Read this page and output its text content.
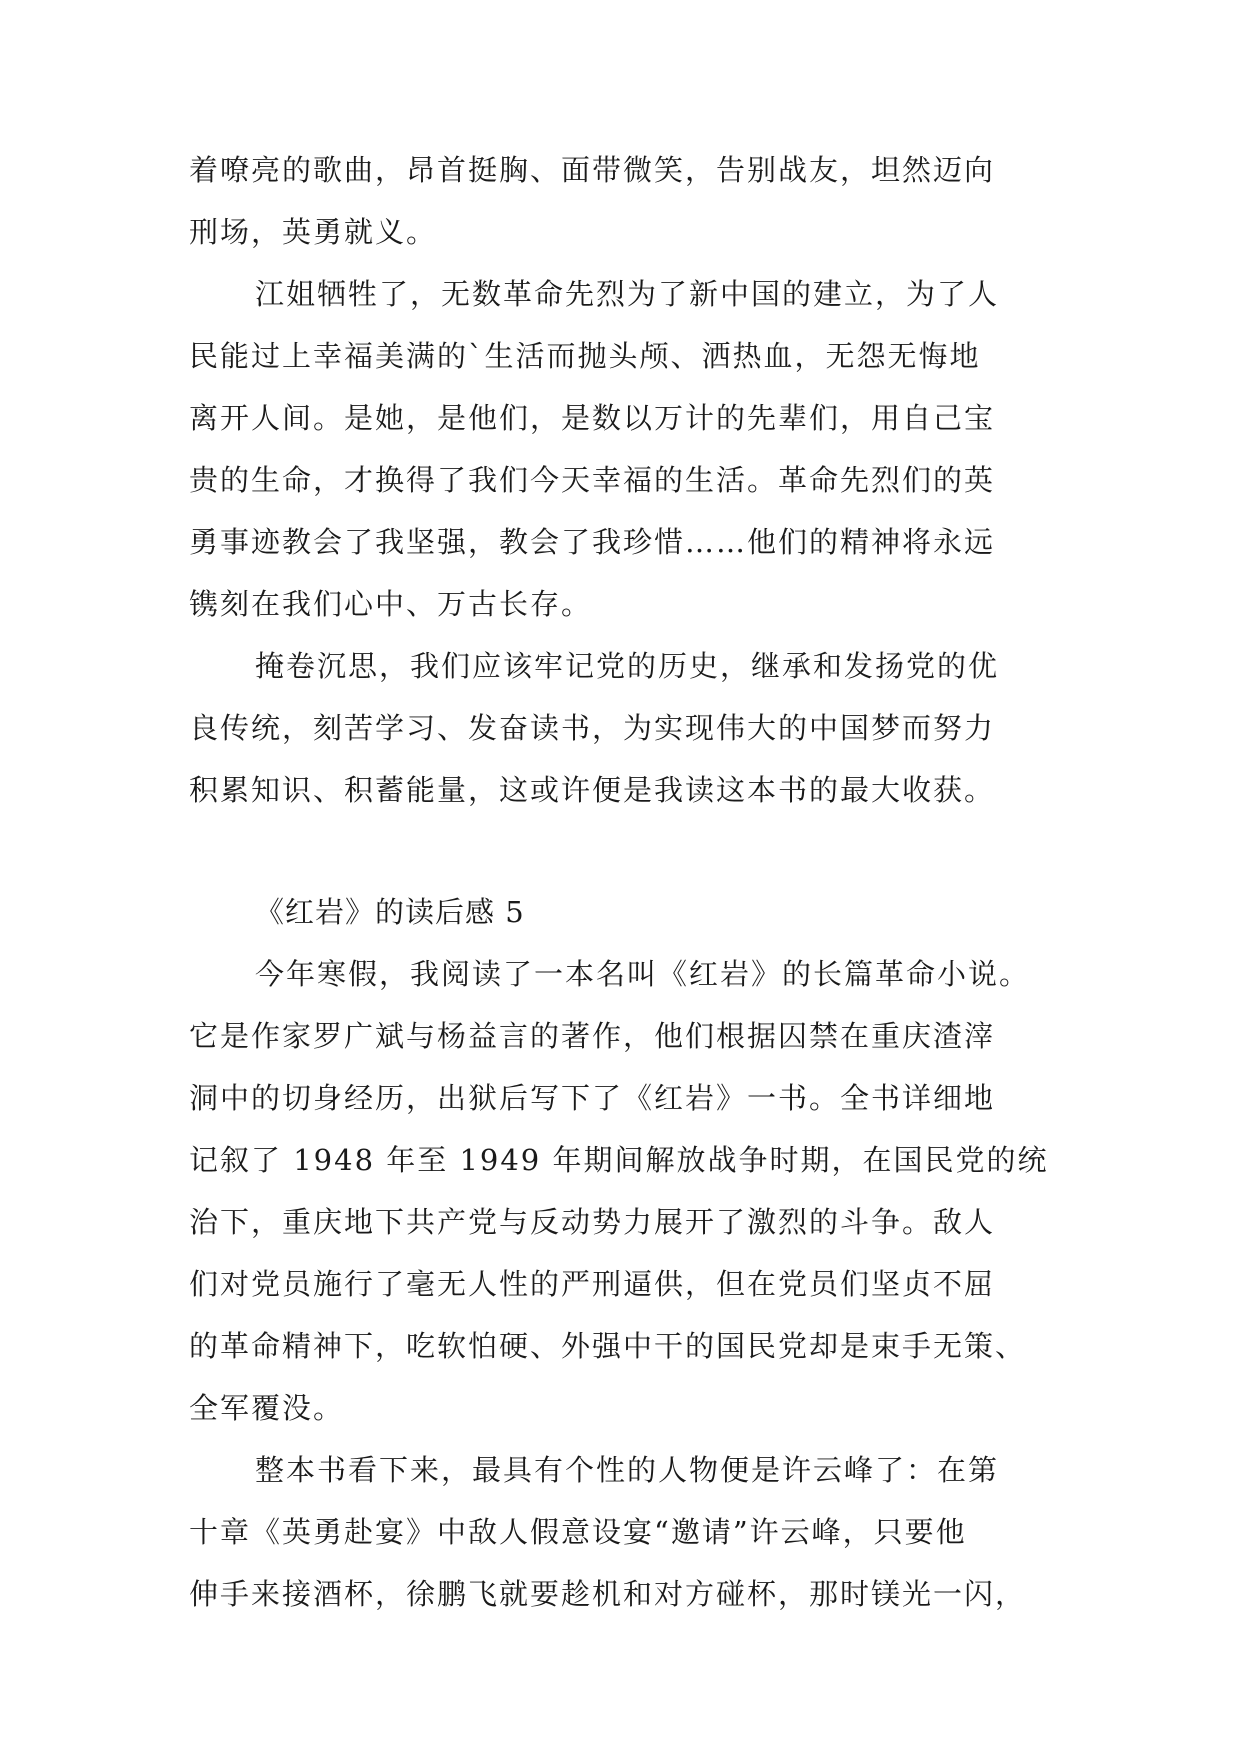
着嘹亮的歌曲，昂首挺胸、面带微笑，告别战友，坦然迈向
刑场，英勇就义。
江姐牺牲了，无数革命先烈为了新中国的建立，为了人
民能过上幸福美满的`生活而抛头颅、洒热血，无怨无悔地
离开人间。是她，是他们，是数以万计的先辈们，用自己宝
贵的生命，才换得了我们今天幸福的生活。革命先烈们的英
勇事迹教会了我坚强，教会了我珍惜……他们的精神将永远
镌刻在我们心中、万古长存。
掩卷沉思，我们应该牢记党的历史，继承和发扬党的优
良传统，刻苦学习、发奋读书，为实现伟大的中国梦而努力
积累知识、积蓄能量，这或许便是我读这本书的最大收获。
《红岩》的读后感 5
今年寒假，我阅读了一本名叫《红岩》的长篇革命小说。
它是作家罗广斌与杨益言的著作，他们根据囚禁在重庆渣滓
洞中的切身经历，出狱后写下了《红岩》一书。全书详细地
记叙了 1948 年至 1949 年期间解放战争时期，在国民党的统
治下，重庆地下共产党与反动势力展开了激烈的斗争。敌人
们对党员施行了毫无人性的严刑逼供，但在党员们坚贞不屈
的革命精神下，吃软怕硬、外强中干的国民党却是束手无策、
全军覆没。
整本书看下来，最具有个性的人物便是许云峰了：在第
十章《英勇赴宴》中敌人假意设宴“邀请”许云峰，只要他
伸手来接酒杯，徐鹏飞就要趁机和对方碰杯，那时镁光一闪，
